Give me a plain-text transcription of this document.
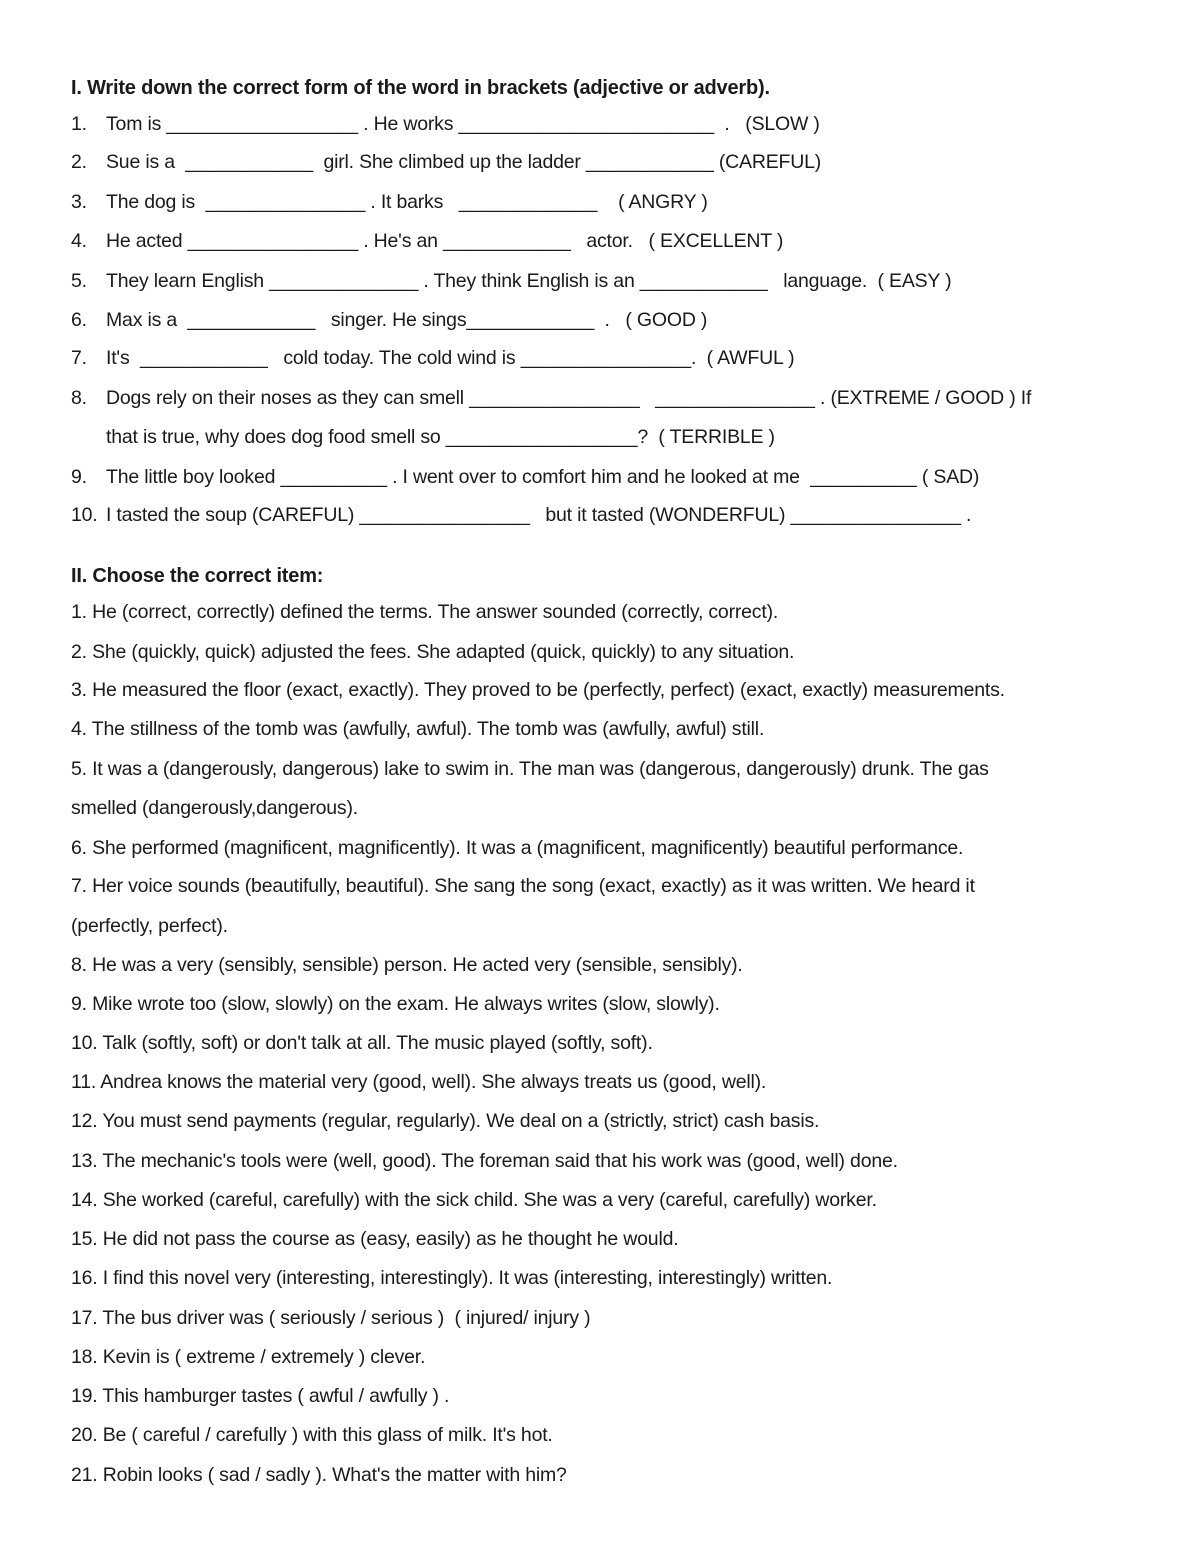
I. Write down the correct form of the word in brackets (adjective or adverb).
1. Tom is __________________ . He works ________________________  .   (SLOW )
2. Sue is a  ____________  girl. She climbed up the ladder ____________ (CAREFUL)
3. The dog is  _______________ . It barks   _____________    ( ANGRY )
4. He acted ________________ . He's an ____________   actor.   ( EXCELLENT )
5. They learn English ______________ . They think English is an ____________   language.  ( EASY )
6. Max is a  ____________   singer. He sings____________  .   ( GOOD )
7. It's  ____________   cold today. The cold wind is ________________.  ( AWFUL )
8. Dogs rely on their noses as they can smell ________________   _______________ . (EXTREME / GOOD ) If
that is true, why does dog food smell so __________________?  ( TERRIBLE )
9. The little boy looked __________ . I went over to comfort him and he looked at me  __________ ( SAD)
10. I tasted the soup (CAREFUL) ________________   but it tasted (WONDERFUL) ________________ .
II. Choose the correct item:
1. He (correct, correctly) defined the terms. The answer sounded (correctly, correct).
2. She (quickly, quick) adjusted the fees. She adapted (quick, quickly) to any situation.
3. He measured the floor (exact, exactly). They proved to be (perfectly, perfect) (exact, exactly) measurements.
4. The stillness of the tomb was (awfully, awful). The tomb was (awfully, awful) still.
5. It was a (dangerously, dangerous) lake to swim in. The man was (dangerous, dangerously) drunk. The gas
smelled (dangerously,dangerous).
6. She performed (magnificent, magnificently). It was a (magnificent, magnificently) beautiful performance.
7. Her voice sounds (beautifully, beautiful). She sang the song (exact, exactly) as it was written. We heard it
(perfectly, perfect).
8. He was a very (sensibly, sensible) person. He acted very (sensible, sensibly).
9. Mike wrote too (slow, slowly) on the exam. He always writes (slow, slowly).
10. Talk (softly, soft) or don't talk at all. The music played (softly, soft).
11. Andrea knows the material very (good, well). She always treats us (good, well).
12. You must send payments (regular, regularly). We deal on a (strictly, strict) cash basis.
13. The mechanic's tools were (well, good). The foreman said that his work was (good, well) done.
14. She worked (careful, carefully) with the sick child. She was a very (careful, carefully) worker.
15. He did not pass the course as (easy, easily) as he thought he would.
16. I find this novel very (interesting, interestingly). It was (interesting, interestingly) written.
17. The bus driver was ( seriously / serious )  ( injured/ injury )
18. Kevin is ( extreme / extremely ) clever.
19. This hamburger tastes ( awful / awfully ) .
20. Be ( careful / carefully ) with this glass of milk. It's hot.
21. Robin looks ( sad / sadly ). What's the matter with him?
